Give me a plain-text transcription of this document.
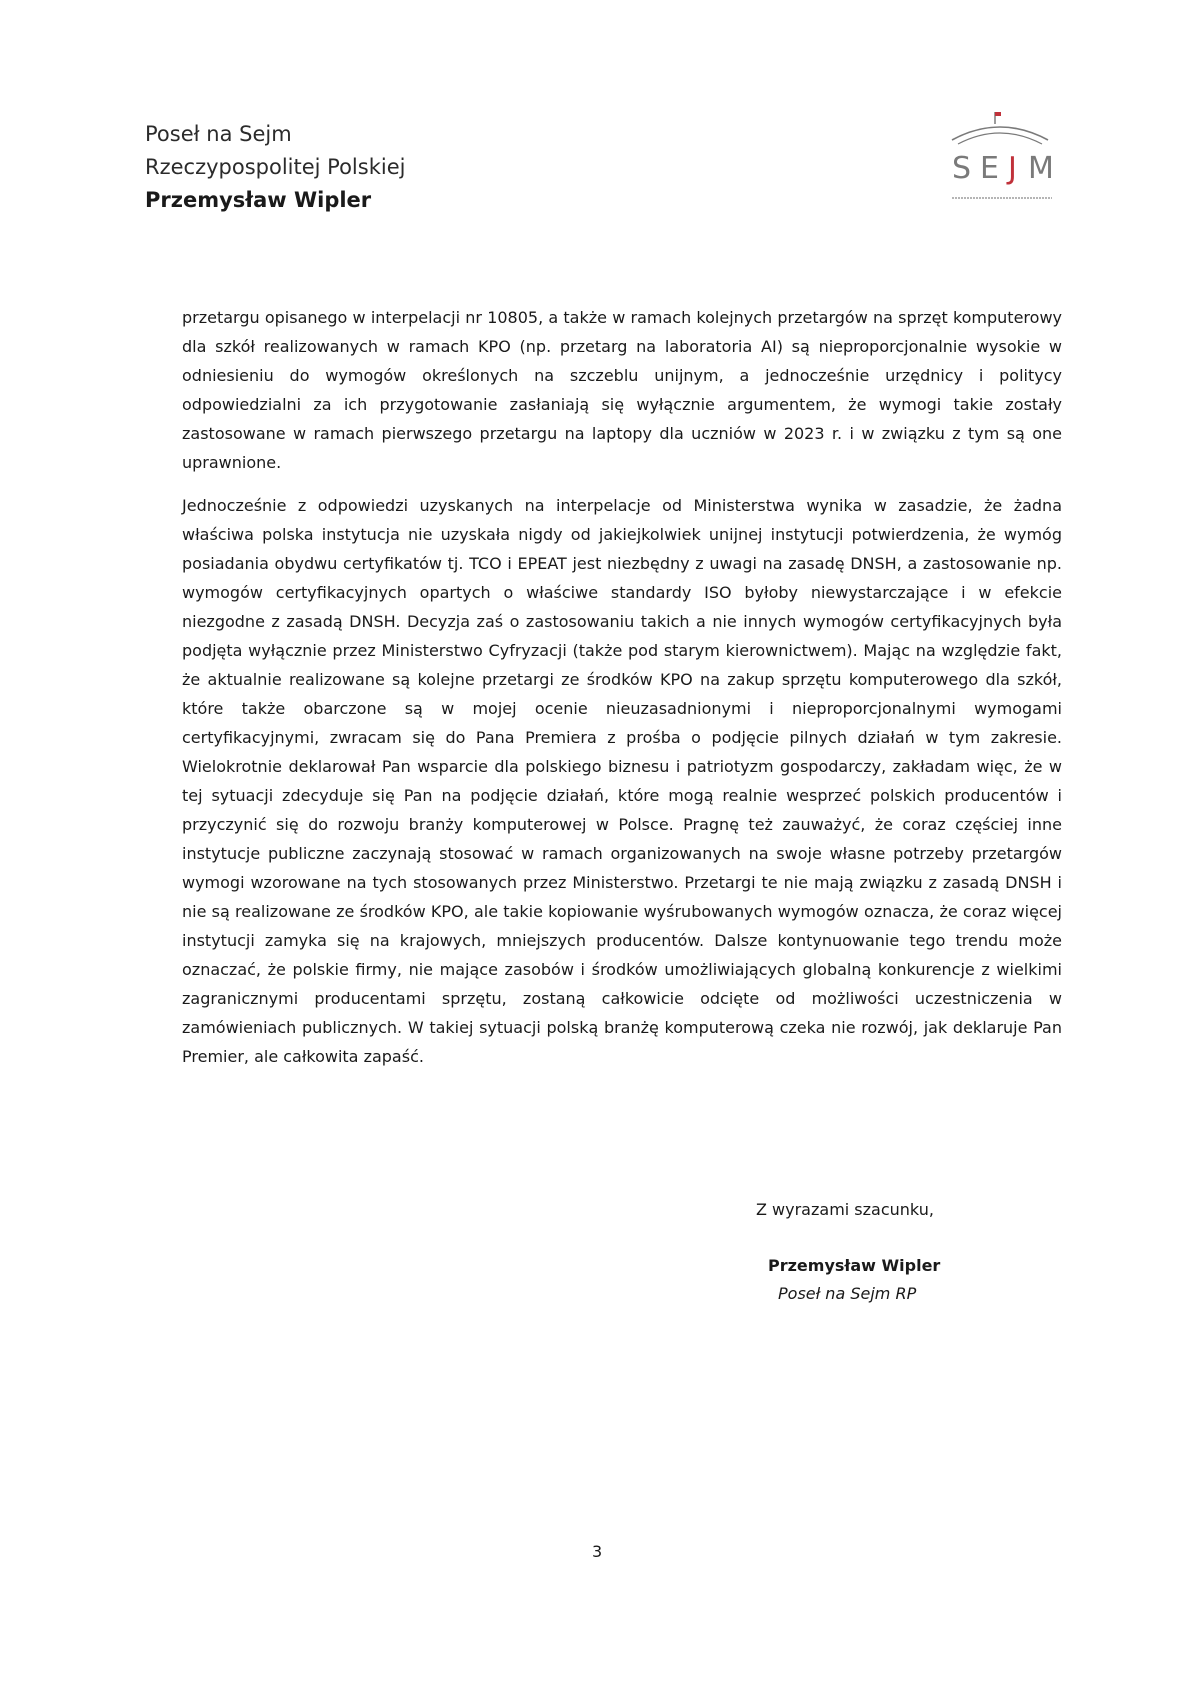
Poseł na Sejm
Rzeczypospolitej Polskiej
Przemysław Wipler
S E J M

przetargu opisanego w interpelacji nr 10805, a także w ramach kolejnych przetargów na sprzęt komputerowy dla szkół realizowanych w ramach KPO (np. przetarg na laboratoria AI) są nieproporcjonalnie wysokie w odniesieniu do wymogów określonych na szczeblu unijnym, a jednocześnie urzędnicy i politycy odpowiedzialni za ich przygotowanie zasłaniają się wyłącznie argumentem, że wymogi takie zostały zastosowane w ramach pierwszego przetargu na laptopy dla uczniów w 2023 r. i w związku z tym są one uprawnione.

Jednocześnie z odpowiedzi uzyskanych na interpelacje od Ministerstwa wynika w zasadzie, że żadna właściwa polska instytucja nie uzyskała nigdy od jakiejkolwiek unijnej instytucji potwierdzenia, że wymóg posiadania obydwu certyfikatów tj. TCO i EPEAT jest niezbędny z uwagi na zasadę DNSH, a zastosowanie np. wymogów certyfikacyjnych opartych o właściwe standardy ISO byłoby niewystarczające i w efekcie niezgodne z zasadą DNSH. Decyzja zaś o zastosowaniu takich a nie innych wymogów certyfikacyjnych była podjęta wyłącznie przez Ministerstwo Cyfryzacji (także pod starym kierownictwem). Mając na względzie fakt, że aktualnie realizowane są kolejne przetargi ze środków KPO na zakup sprzętu komputerowego dla szkół, które także obarczone są w mojej ocenie nieuzasadnionymi i nieproporcjonalnymi wymogami certyfikacyjnymi, zwracam się do Pana Premiera z prośba o podjęcie pilnych działań w tym zakresie. Wielokrotnie deklarował Pan wsparcie dla polskiego biznesu i patriotyzm gospodarczy, zakładam więc, że w tej sytuacji zdecyduje się Pan na podjęcie działań, które mogą realnie wesprzeć polskich producentów i przyczynić się do rozwoju branży komputerowej w Polsce. Pragnę też zauważyć, że coraz częściej inne instytucje publiczne zaczynają stosować w ramach organizowanych na swoje własne potrzeby przetargów wymogi wzorowane na tych stosowanych przez Ministerstwo. Przetargi te nie mają związku z zasadą DNSH i nie są realizowane ze środków KPO, ale takie kopiowanie wyśrubowanych wymogów oznacza, że coraz więcej instytucji zamyka się na krajowych, mniejszych producentów. Dalsze kontynuowanie tego trendu może oznaczać, że polskie firmy, nie mające zasobów i środków umożliwiających globalną konkurencje z wielkimi zagranicznymi producentami sprzętu, zostaną całkowicie odcięte od możliwości uczestniczenia w zamówieniach publicznych. W takiej sytuacji polską branżę komputerową czeka nie rozwój, jak deklaruje Pan Premier, ale całkowita zapaść.

Z wyrazami szacunku,
Przemysław Wipler
Poseł na Sejm RP
3
